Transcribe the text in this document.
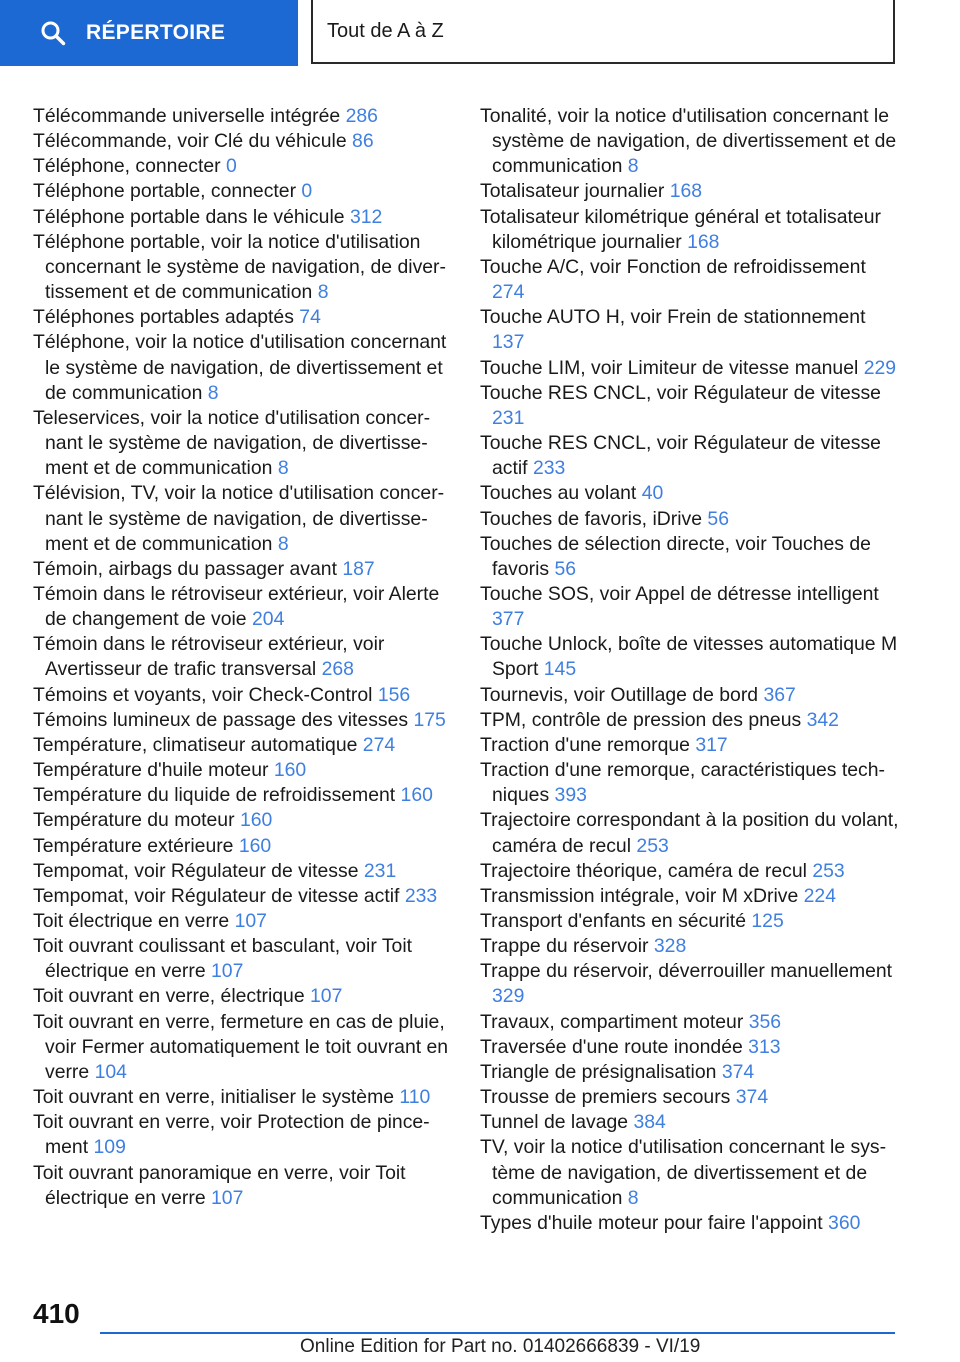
RÉPERTOIRE	Tout de A à Z
Télécommande universelle intégrée 286
Télécommande, voir Clé du véhicule 86
Téléphone, connecter 0
Téléphone portable, connecter 0
Téléphone portable dans le véhicule 312
Téléphone portable, voir la notice d'utilisation concernant le système de navigation, de divertissement et de communication 8
Téléphones portables adaptés 74
Téléphone, voir la notice d'utilisation concernant le système de navigation, de divertissement et de communication 8
Teleservices, voir la notice d'utilisation concernant le système de navigation, de divertissement et de communication 8
Télévision, TV, voir la notice d'utilisation concernant le système de navigation, de divertissement et de communication 8
Témoin, airbags du passager avant 187
Témoin dans le rétroviseur extérieur, voir Alerte de changement de voie 204
Témoin dans le rétroviseur extérieur, voir Avertisseur de trafic transversal 268
Témoins et voyants, voir Check-Control 156
Témoins lumineux de passage des vitesses 175
Température, climatiseur automatique 274
Température d'huile moteur 160
Température du liquide de refroidissement 160
Température du moteur 160
Température extérieure 160
Tempomat, voir Régulateur de vitesse 231
Tempomat, voir Régulateur de vitesse actif 233
Toit électrique en verre 107
Toit ouvrant coulissant et basculant, voir Toit électrique en verre 107
Toit ouvrant en verre, électrique 107
Toit ouvrant en verre, fermeture en cas de pluie, voir Fermer automatiquement le toit ouvrant en verre 104
Toit ouvrant en verre, initialiser le système 110
Toit ouvrant en verre, voir Protection de pincement 109
Toit ouvrant panoramique en verre, voir Toit électrique en verre 107
Tonalité, voir la notice d'utilisation concernant le système de navigation, de divertissement et de communication 8
Totalisateur journalier 168
Totalisateur kilométrique général et totalisateur kilométrique journalier 168
Touche A/C, voir Fonction de refroidissement 274
Touche AUTO H, voir Frein de stationnement 137
Touche LIM, voir Limiteur de vitesse manuel 229
Touche RES CNCL, voir Régulateur de vitesse 231
Touche RES CNCL, voir Régulateur de vitesse actif 233
Touches au volant 40
Touches de favoris, iDrive 56
Touches de sélection directe, voir Touches de favoris 56
Touche SOS, voir Appel de détresse intelligent 377
Touche Unlock, boîte de vitesses automatique M Sport 145
Tournevis, voir Outillage de bord 367
TPM, contrôle de pression des pneus 342
Traction d'une remorque 317
Traction d'une remorque, caractéristiques techniques 393
Trajectoire correspondant à la position du volant, caméra de recul 253
Trajectoire théorique, caméra de recul 253
Transmission intégrale, voir M xDrive 224
Transport d'enfants en sécurité 125
Trappe du réservoir 328
Trappe du réservoir, déverrouiller manuellement 329
Travaux, compartiment moteur 356
Traversée d'une route inondée 313
Triangle de présignalisation 374
Trousse de premiers secours 374
Tunnel de lavage 384
TV, voir la notice d'utilisation concernant le système de navigation, de divertissement et de communication 8
Types d'huile moteur pour faire l'appoint 360
410
Online Edition for Part no. 01402666839 - VI/19
